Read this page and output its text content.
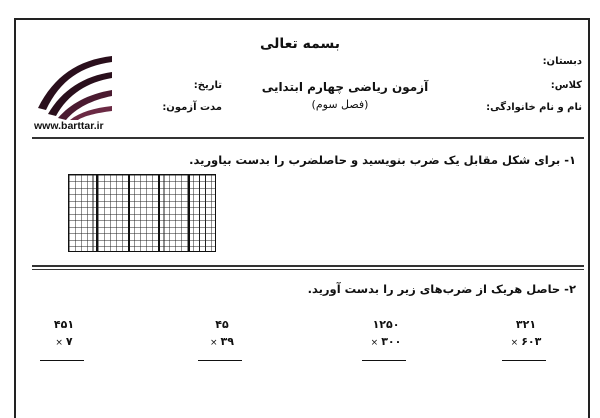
بسمه تعالی
آزمون ریاضی چهارم ابتدایی
(فصل سوم)
دبستان:
کلاس:
نام و نام خانوادگی:
تاریخ:
مدت آزمون:
www.barttar.ir
۱- برای شکل مقابل یک ضرب بنویسید و حاصلضرب را بدست بیاورید.
۲- حاصل هریک از ضرب‌های زیر را بدست آورید.
۳۲۱
× ۶۰۳
۱۲۵۰
× ۳۰۰
۴۵
× ۳۹
۴۵۱
× ۷
